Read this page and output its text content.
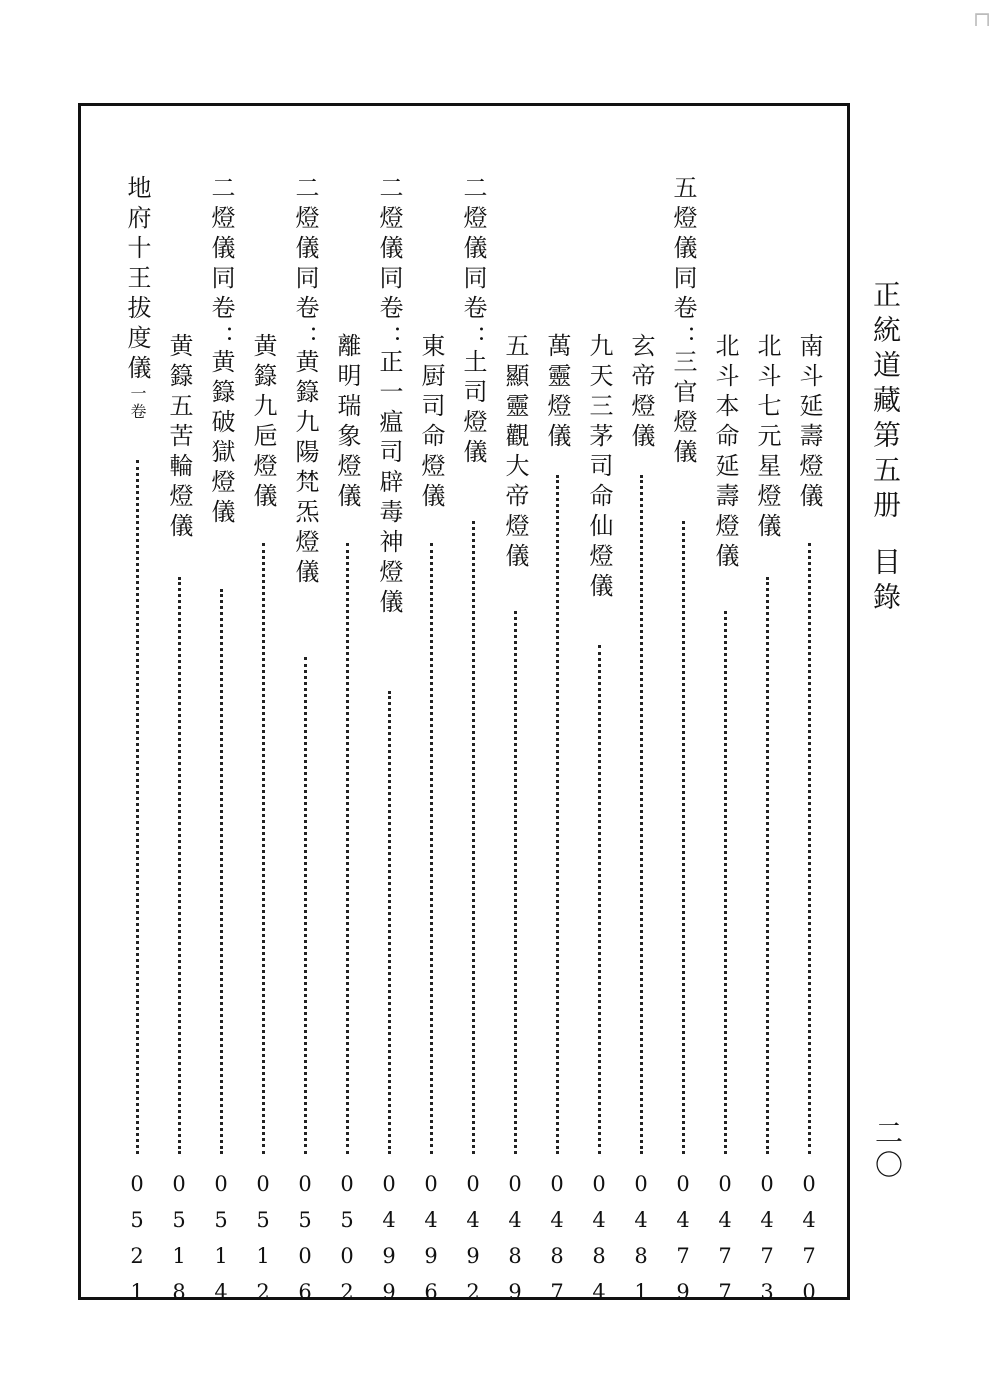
┌┐
正統道藏第五册目錄
二〇
南斗延壽燈儀
0
4
7
0
北斗七元星燈儀
0
4
7
3
北斗本命延壽燈儀
0
4
7
7
五燈儀同卷：三官燈儀
0
4
7
9
玄帝燈儀
0
4
8
1
九天三茅司命仙燈儀
0
4
8
4
萬靈燈儀
0
4
8
7
五顯靈觀大帝燈儀
0
4
8
9
二燈儀同卷：土司燈儀
0
4
9
2
東厨司命燈儀
0
4
9
6
二燈儀同卷：正一瘟司辟毒神燈儀
0
4
9
9
離明瑞象燈儀
0
5
0
2
二燈儀同卷：黄籙九陽梵炁燈儀
0
5
0
6
黄籙九巵燈儀
0
5
1
2
二燈儀同卷：黄籙破獄燈儀
0
5
1
4
黄籙五苦輪燈儀
0
5
1
8
地府十王拔度儀一卷
0
5
2
1
